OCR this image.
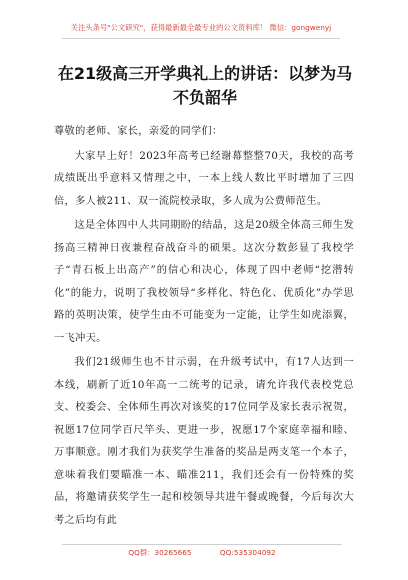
关注头条号"公文研究"，获得最新最全最专业的公文资料库！ 微信：gongwenyj
在21级高三开学典礼上的讲话：以梦为马不负韶华

尊敬的老师、家长，亲爱的同学们：

大家早上好！2023年高考已经谢幕整整70天，我校的高考成绩既出乎意料又情理之中，一本上线人数比平时增加了三四倍，多人被211、双一流院校录取，多人成为公费师范生。

这是全体四中人共同期盼的结晶，这是20级全体高三师生发扬高三精神日夜兼程奋战奋斗的硕果。这次分数彭显了我校学子“青石板上出高产”的信心和决心，体现了四中老师“挖潜转化”的能力，说明了我校领导“多样化、特色化、优质化”办学思路的英明决策，使学生由不可能变为一定能，让学生如虎添翼，一飞冲天。

我们21级师生也不甘示弱，在升级考试中，有17人达到一本线，刷新了近10年高一二统考的记录，请允许我代表校党总支、校委会、全体师生再次对该奖的17位同学及家长表示祝贺，祝愿17位同学百尺竿头、更进一步，祝愿17个家庭幸福和睦、万事顺意。刚才我们为获奖学生准备的奖品是两支笔一个本子，意味着我们要瞄准一本、瞄准211，我们还会有一份特殊的奖品，将邀请获奖学生一起和校领导共进午餐或晚餐，今后每次大考之后均有此

QQ群：30265665	QQ:535304092
